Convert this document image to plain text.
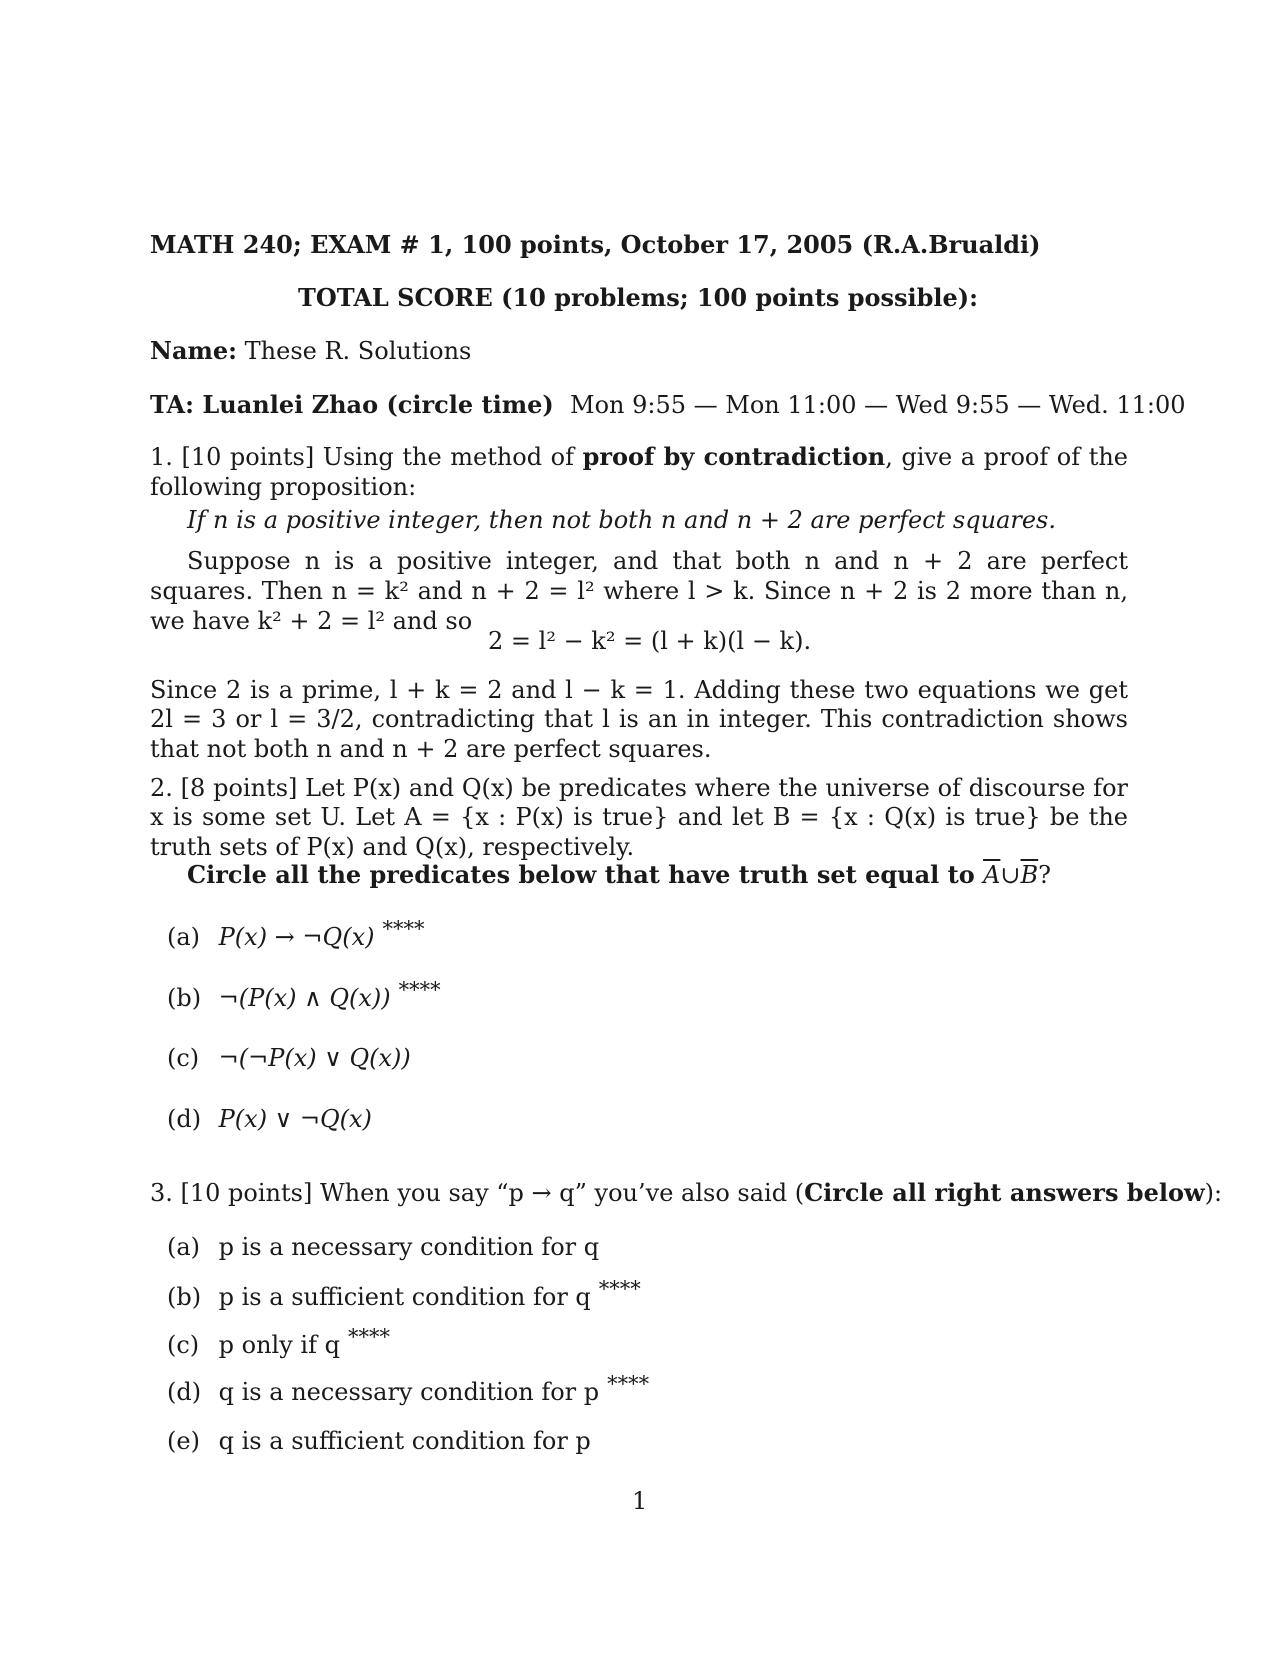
MATH 240; EXAM # 1, 100 points, October 17, 2005 (R.A.Brualdi)
TOTAL SCORE (10 problems; 100 points possible):
Name: These R. Solutions
TA: Luanlei Zhao (circle time) Mon 9:55 — Mon 11:00 — Wed 9:55 — Wed. 11:00
1. [10 points] Using the method of proof by contradiction, give a proof of the following proposition:
If n is a positive integer, then not both n and n + 2 are perfect squares.
Suppose n is a positive integer, and that both n and n + 2 are perfect squares. Then n = k² and n + 2 = l² where l > k. Since n + 2 is 2 more than n, we have k² + 2 = l² and so
2 = l² − k² = (l + k)(l − k).
Since 2 is a prime, l + k = 2 and l − k = 1. Adding these two equations we get 2l = 3 or l = 3/2, contradicting that l is an in integer. This contradiction shows that not both n and n + 2 are perfect squares.
2. [8 points] Let P(x) and Q(x) be predicates where the universe of discourse for x is some set U. Let A = {x : P(x) is true} and let B = {x : Q(x) is true} be the truth sets of P(x) and Q(x), respectively.
Circle all the predicates below that have truth set equal to $\overline{A}\cup\overline{B}$?
(a) P(x) → ¬Q(x) ****
(b) ¬(P(x) ∧ Q(x)) ****
(c) ¬(¬P(x) ∨ Q(x))
(d) P(x) ∨ ¬Q(x)
3. [10 points] When you say “p → q” you’ve also said (Circle all right answers below):
(a) p is a necessary condition for q
(b) p is a sufficient condition for q ****
(c) p only if q ****
(d) q is a necessary condition for p ****
(e) q is a sufficient condition for p
1
